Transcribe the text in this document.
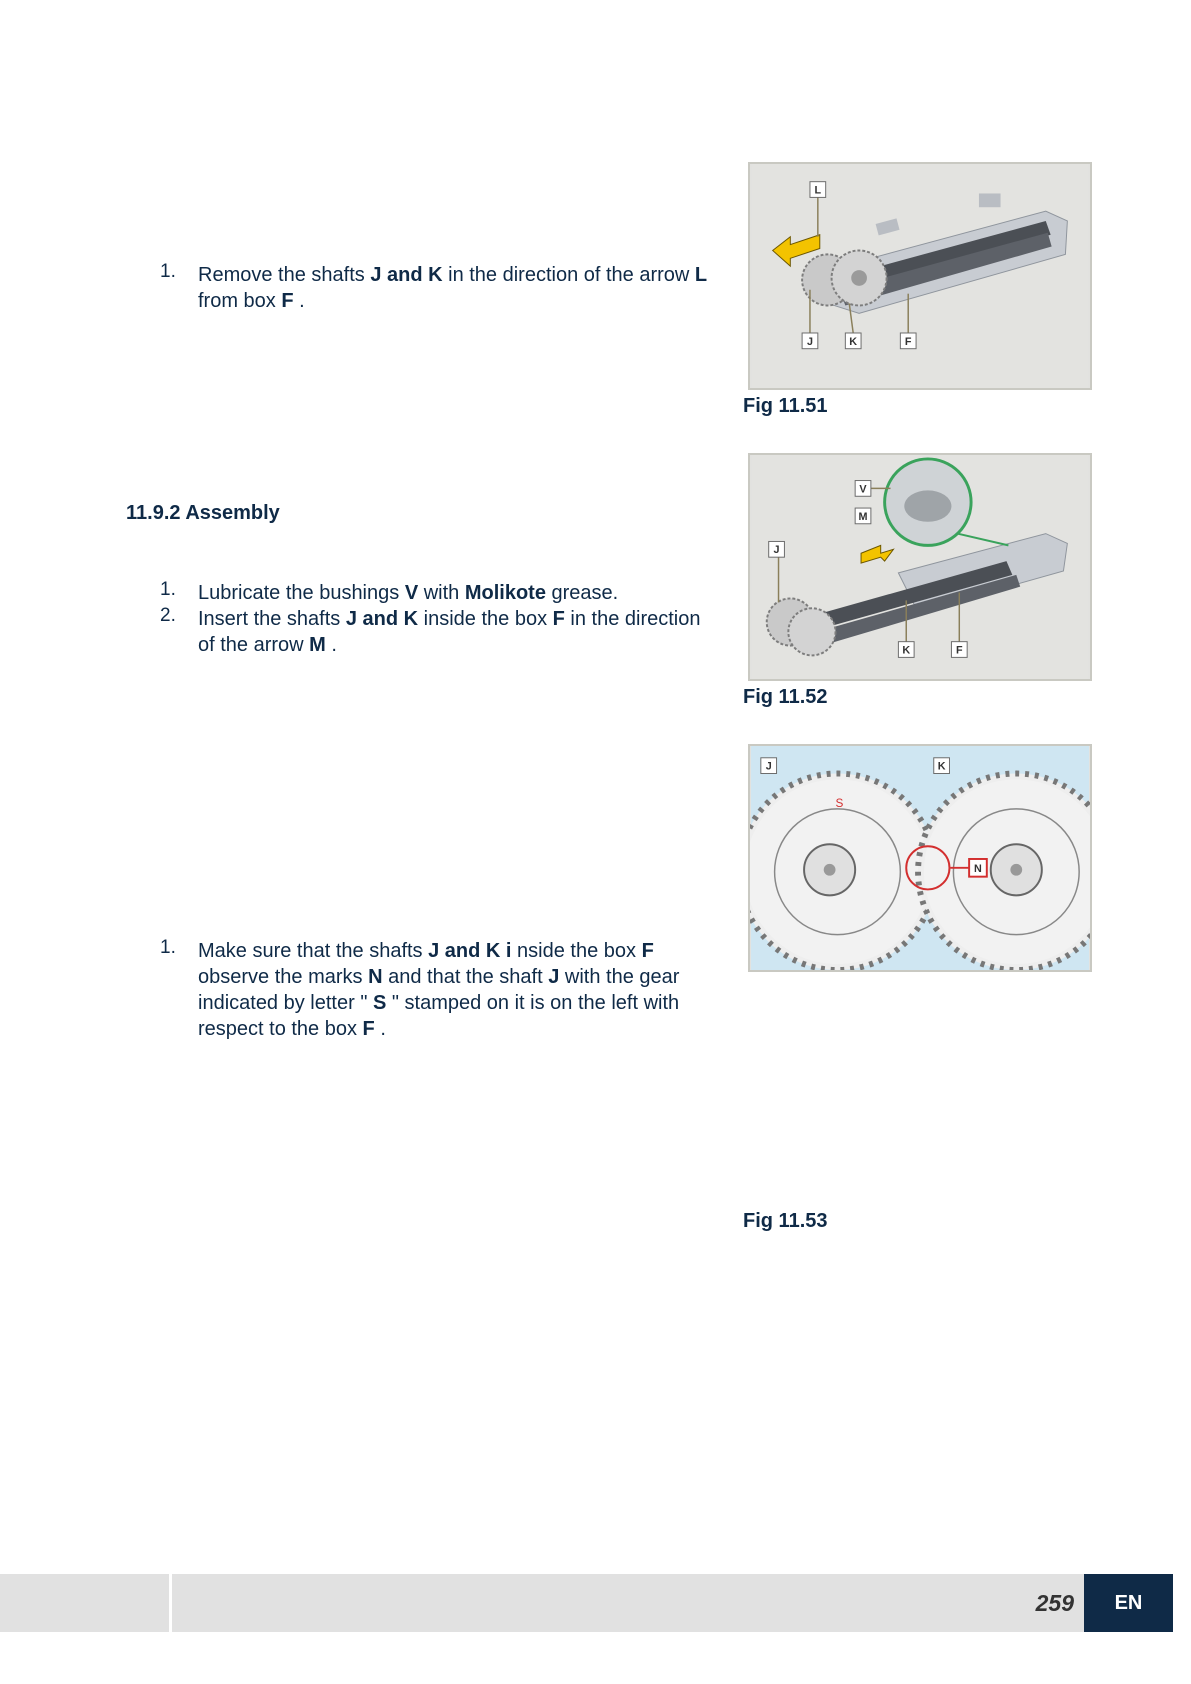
1. Remove the shafts J and K in the direction of the arrow L from box F .
11.9.2 Assembly
1. Lubricate the bushings V with Molikote grease.
2. Insert the shafts J and K inside the box F in the direction of the arrow M .
1. Make sure that the shafts J and K i nside the box F observe the marks N and that the shaft J with the gear indicated by letter " S " stamped on it is on the left with respect to the box F .
L
J	K	F
Fig 11.51
V
M
J
K	F
Fig 11.52
N
S
J	K
Fig 11.53
259	EN
